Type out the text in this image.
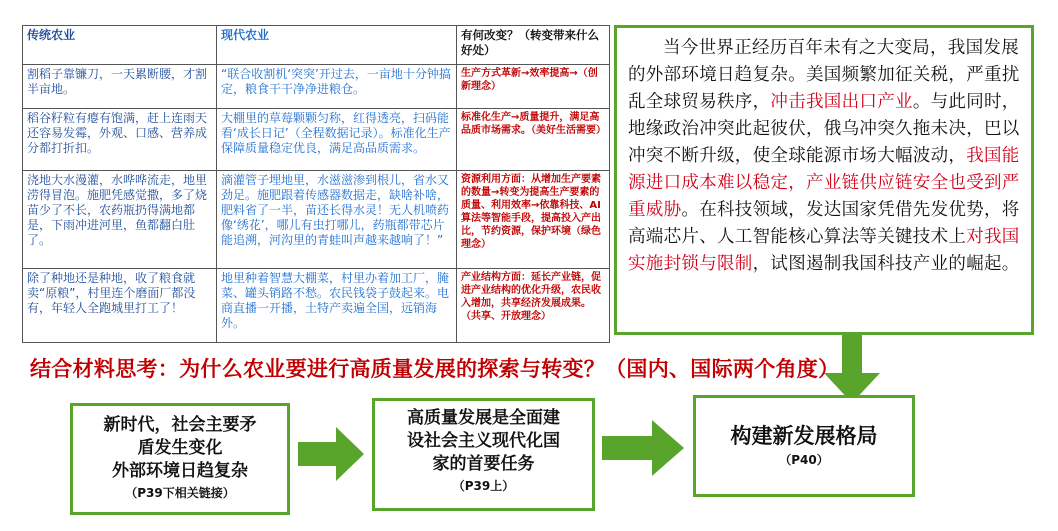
传统农业	现代农业	有何改变？（转变带来什么好处）
割稻子靠镰刀，一天累断腰，才割半亩地。	“联合收割机‘突突’开过去，一亩地十分钟搞定，粮食干干净净进粮仓。	生产方式革新→效率提高→（创新理念）
稻谷籽粒有瘪有饱满，赶上连雨天还容易发霉，外观、口感、营养成分都打折扣。	大棚里的草莓颗颗匀称，红得透亮，扫码能看‘成长日记’（全程数据记录）。标准化生产保障质量稳定优良，满足高品质需求。	标准化生产→质量提升，满足高品质市场需求。（美好生活需要）
浇地大水漫灌，水哗哗流走，地里涝得冒泡。施肥凭感觉撒，多了烧苗少了不长，农药瓶扔得满地都是，下雨冲进河里，鱼都翻白肚了。	滴灌管子埋地里，水滋滋渗到根儿，省水又劲足。施肥跟着传感器数据走，缺啥补啥，肥料省了一半，苗还长得水灵！无人机喷药像‘绣花’，哪儿有虫打哪儿，药瓶都带芯片能追溯，河沟里的青蛙叫声越来越响了！”	资源利用方面：从增加生产要素的数量→转变为提高生产要素的质量、利用效率→依靠科技、AI算法等智能手段，提高投入产出比，节约资源，保护环境（绿色理念）
除了种地还是种地，收了粮食就卖“原粮”，村里连个磨面厂都没有，年轻人全跑城里打工了！	地里种着智慧大棚菜，村里办着加工厂，腌菜、罐头销路不愁。农民钱袋子鼓起来。电商直播一开播，土特产卖遍全国，远销海外。	产业结构方面：延长产业链，促进产业结构的优化升级，农民收入增加，共享经济发展成果。（共享、开放理念）
当今世界正经历百年未有之大变局，我国发展的外部环境日趋复杂。美国频繁加征关税，严重扰乱全球贸易秩序，冲击我国出口产业。与此同时，地缘政治冲突此起彼伏，俄乌冲突久拖未决，巴以冲突不断升级，使全球能源市场大幅波动，我国能源进口成本难以稳定，产业链供应链安全也受到严重威胁。在科技领域，发达国家凭借先发优势，将高端芯片、人工智能核心算法等关键技术上对我国实施封锁与限制，试图遏制我国科技产业的崛起。
结合材料思考：为什么农业要进行高质量发展的探索与转变？（国内、国际两个角度）
新时代，社会主要矛
盾发生变化
外部环境日趋复杂
（P39下相关链接）
高质量发展是全面建
设社会主义现代化国
家的首要任务
（P39上）
构建新发展格局
（P40）
